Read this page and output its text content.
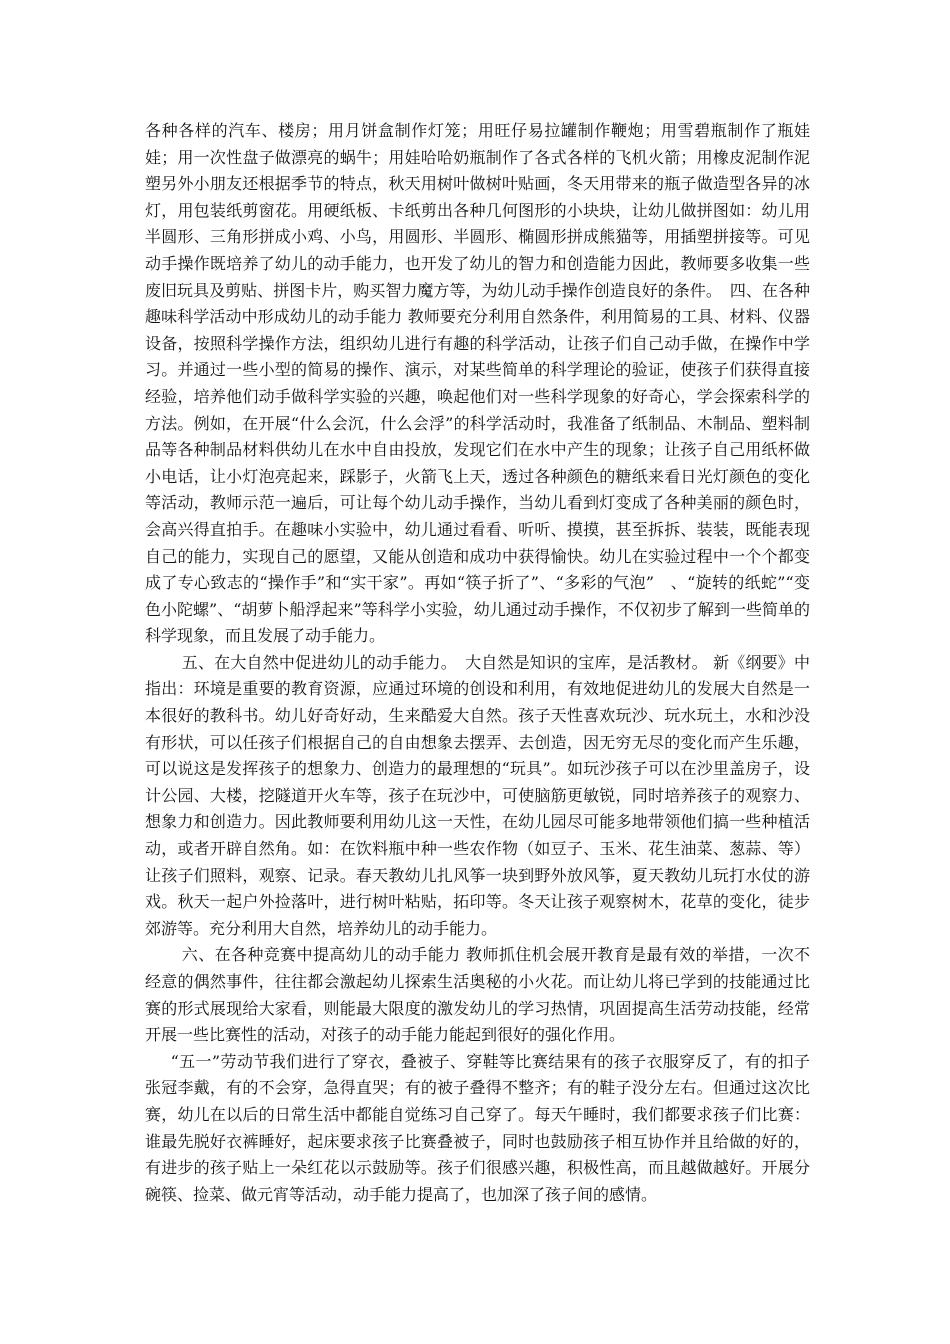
各种各样的汽车、楼房；用月饼盒制作灯笼；用旺仔易拉罐制作鞭炮；用雪碧瓶制作了瓶娃娃；用一次性盘子做漂亮的蜗牛；用娃哈哈奶瓶制作了各式各样的飞机火箭；用橡皮泥制作泥塑另外小朋友还根据季节的特点，秋天用树叶做树叶贴画，冬天用带来的瓶子做造型各异的冰灯，用包装纸剪窗花。用硬纸板、卡纸剪出各种几何图形的小块块，让幼儿做拼图如：幼儿用半圆形、三角形拼成小鸡、小鸟，用圆形、半圆形、椭圆形拼成熊猫等，用插塑拼接等。可见动手操作既培养了幼儿的动手能力，也开发了幼儿的智力和创造能力因此，教师要多收集一些废旧玩具及剪贴、拼图卡片，购买智力魔方等，为幼儿动手操作创造良好的条件。　四、在各种趣味科学活动中形成幼儿的动手能力 教师要充分利用自然条件，利用简易的工具、材料、仪器设备，按照科学操作方法，组织幼儿进行有趣的科学活动，让孩子们自己动手做，在操作中学习。并通过一些小型的简易的操作、演示，对某些简单的科学理论的验证，使孩子们获得直接经验，培养他们动手做科学实验的兴趣，唤起他们对一些科学现象的好奇心，学会探索科学的方法。例如，在开展“什么会沉，什么会浮”的科学活动时，我准备了纸制品、木制品、塑料制品等各种制品材料供幼儿在水中自由投放，发现它们在水中产生的现象；让孩子自己用纸杯做小电话，让小灯泡亮起来，踩影子，火箭飞上天，透过各种颜色的糖纸来看日光灯颜色的变化等活动，教师示范一遍后，可让每个幼儿动手操作，当幼儿看到灯变成了各种美丽的颜色时，会高兴得直拍手。在趣味小实验中，幼儿通过看看、听听、摸摸，甚至拆拆、装装，既能表现自己的能力，实现自己的愿望，又能从创造和成功中获得愉快。幼儿在实验过程中一个个都变成了专心致志的“操作手”和“实干家”。再如“筷子折了”、“多彩的气泡”　、“旋转的纸蛇”“变色小陀螺”、“胡萝卜船浮起来”等科学小实验，幼儿通过动手操作，不仅初步了解到一些简单的科学现象，而且发展了动手能力。

五、在大自然中促进幼儿的动手能力。　大自然是知识的宝库，是活教材。 新《纲要》中指出：环境是重要的教育资源，应通过环境的创设和利用，有效地促进幼儿的发展大自然是一本很好的教科书。幼儿好奇好动，生来酷爱大自然。孩子天性喜欢玩沙、玩水玩土，水和沙没有形状，可以任孩子们根据自己的自由想象去摆弄、去创造，因无穷无尽的变化而产生乐趣，可以说这是发挥孩子的想象力、创造力的最理想的“玩具”。如玩沙孩子可以在沙里盖房子，设计公园、大楼，挖隧道开火车等，孩子在玩沙中，可使脑筋更敏锐，同时培养孩子的观察力、想象力和创造力。因此教师要利用幼儿这一天性，在幼儿园尽可能多地带领他们搞一些种植活动，或者开辟自然角。如：在饮料瓶中种一些农作物（如豆子、玉米、花生油菜、葱蒜、等）让孩子们照料，观察、记录。春天教幼儿扎风筝一块到野外放风筝，夏天教幼儿玩打水仗的游戏。秋天一起户外捡落叶，进行树叶粘贴，拓印等。冬天让孩子观察树木，花草的变化，徒步郊游等。充分利用大自然，培养幼儿的动手能力。

六、在各种竞赛中提高幼儿的动手能力 教师抓住机会展开教育是最有效的举措，一次不经意的偶然事件，往往都会激起幼儿探索生活奥秘的小火花。而让幼儿将已学到的技能通过比赛的形式展现给大家看，则能最大限度的激发幼儿的学习热情，巩固提高生活劳动技能，经常开展一些比赛性的活动，对孩子的动手能力能起到很好的强化作用。

“五一”劳动节我们进行了穿衣，叠被子、穿鞋等比赛结果有的孩子衣服穿反了，有的扣子张冠李戴，有的不会穿，急得直哭；有的被子叠得不整齐；有的鞋子没分左右。但通过这次比赛，幼儿在以后的日常生活中都能自觉练习自己穿了。每天午睡时，我们都要求孩子们比赛：谁最先脱好衣裤睡好，起床要求孩子比赛叠被子，同时也鼓励孩子相互协作并且给做的好的，有进步的孩子贴上一朵红花以示鼓励等。孩子们很感兴趣，积极性高，而且越做越好。开展分碗筷、捡菜、做元宵等活动，动手能力提高了，也加深了孩子间的感情。
